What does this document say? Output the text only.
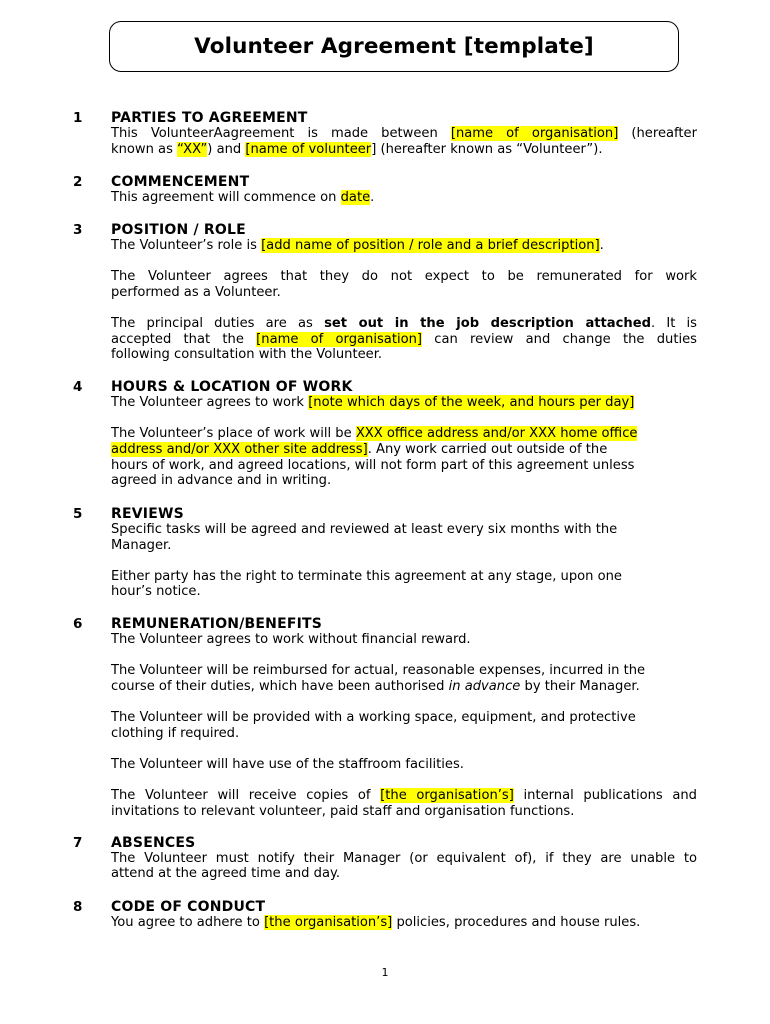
Volunteer Agreement [template]
1 PARTIES TO AGREEMENT
This VolunteerAagreement is made between [name of organisation] (hereafter
known as “XX”) and [name of volunteer] (hereafter known as “Volunteer”).
2 COMMENCEMENT
This agreement will commence on date.
3 POSITION / ROLE
The Volunteer’s role is [add name of position / role and a brief description].
The Volunteer agrees that they do not expect to be remunerated for work
performed as a Volunteer.
The principal duties are as set out in the job description attached. It is
accepted that the [name of organisation] can review and change the duties
following consultation with the Volunteer.
4 HOURS & LOCATION OF WORK
The Volunteer agrees to work [note which days of the week, and hours per day]
The Volunteer’s place of work will be XXX office address and/or XXX home office
address and/or XXX other site address]. Any work carried out outside of the
hours of work, and agreed locations, will not form part of this agreement unless
agreed in advance and in writing.
5 REVIEWS
Specific tasks will be agreed and reviewed at least every six months with the
Manager.
Either party has the right to terminate this agreement at any stage, upon one
hour’s notice.
6 REMUNERATION/BENEFITS
The Volunteer agrees to work without financial reward.
The Volunteer will be reimbursed for actual, reasonable expenses, incurred in the
course of their duties, which have been authorised in advance by their Manager.
The Volunteer will be provided with a working space, equipment, and protective
clothing if required.
The Volunteer will have use of the staffroom facilities.
The Volunteer will receive copies of [the organisation’s] internal publications and
invitations to relevant volunteer, paid staff and organisation functions.
7 ABSENCES
The Volunteer must notify their Manager (or equivalent of), if they are unable to
attend at the agreed time and day.
8 CODE OF CONDUCT
You agree to adhere to [the organisation’s] policies, procedures and house rules.
1
